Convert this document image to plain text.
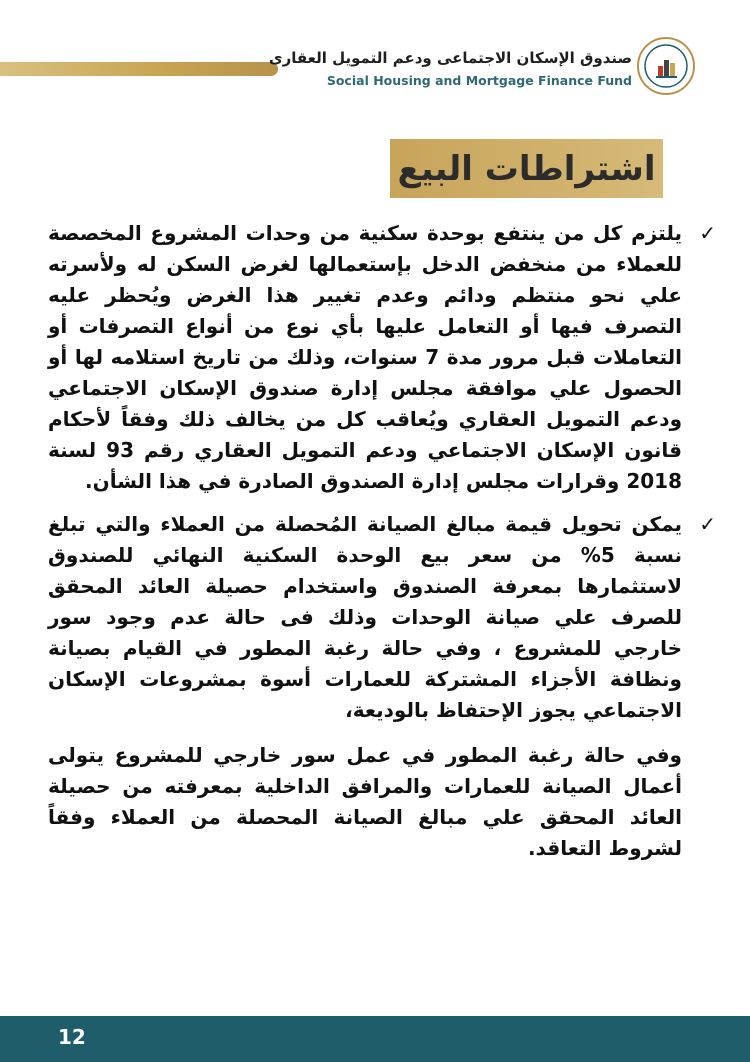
صندوق الإسكان الاجتماعى ودعم التمويل العقارى
Social Housing and Mortgage Finance Fund
اشتراطات البيع
✓

يلتزم كل من ينتفع بوحدة سكنية من وحدات المشروع المخصصة للعملاء من منخفض الدخل بإستعمالها لغرض السكن له ولأسرته علي نحو منتظم ودائم وعدم تغيير هذا الغرض ويُحظر عليه التصرف فيها أو التعامل عليها بأي نوع من أنواع التصرفات أو التعاملات قبل مرور مدة 7 سنوات، وذلك من تاريخ استلامه لها أو الحصول علي موافقة مجلس إدارة صندوق الإسكان الاجتماعي ودعم التمويل العقاري ويُعاقب كل من يخالف ذلك وفقاً لأحكام قانون الإسكان الاجتماعي ودعم التمويل العقاري رقم 93 لسنة 2018 وقرارات مجلس إدارة الصندوق الصادرة في هذا الشأن.

✓

يمكن تحويل قيمة مبالغ الصيانة المُحصلة من العملاء والتي تبلغ نسبة 5% من سعر بيع الوحدة السكنية النهائي للصندوق لاستثمارها بمعرفة الصندوق واستخدام حصيلة العائد المحقق للصرف علي صيانة الوحدات وذلك فى حالة عدم وجود سور خارجي للمشروع ، وفي حالة رغبة المطور في القيام بصيانة ونظافة الأجزاء المشتركة للعمارات أسوة بمشروعات الإسكان الاجتماعي يجوز الإحتفاظ بالوديعة،

وفي حالة رغبة المطور في عمل سور خارجي للمشروع يتولى أعمال الصيانة للعمارات والمرافق الداخلية بمعرفته من حصيلة العائد المحقق علي مبالغ الصيانة المحصلة من العملاء وفقاً لشروط التعاقد.

12
